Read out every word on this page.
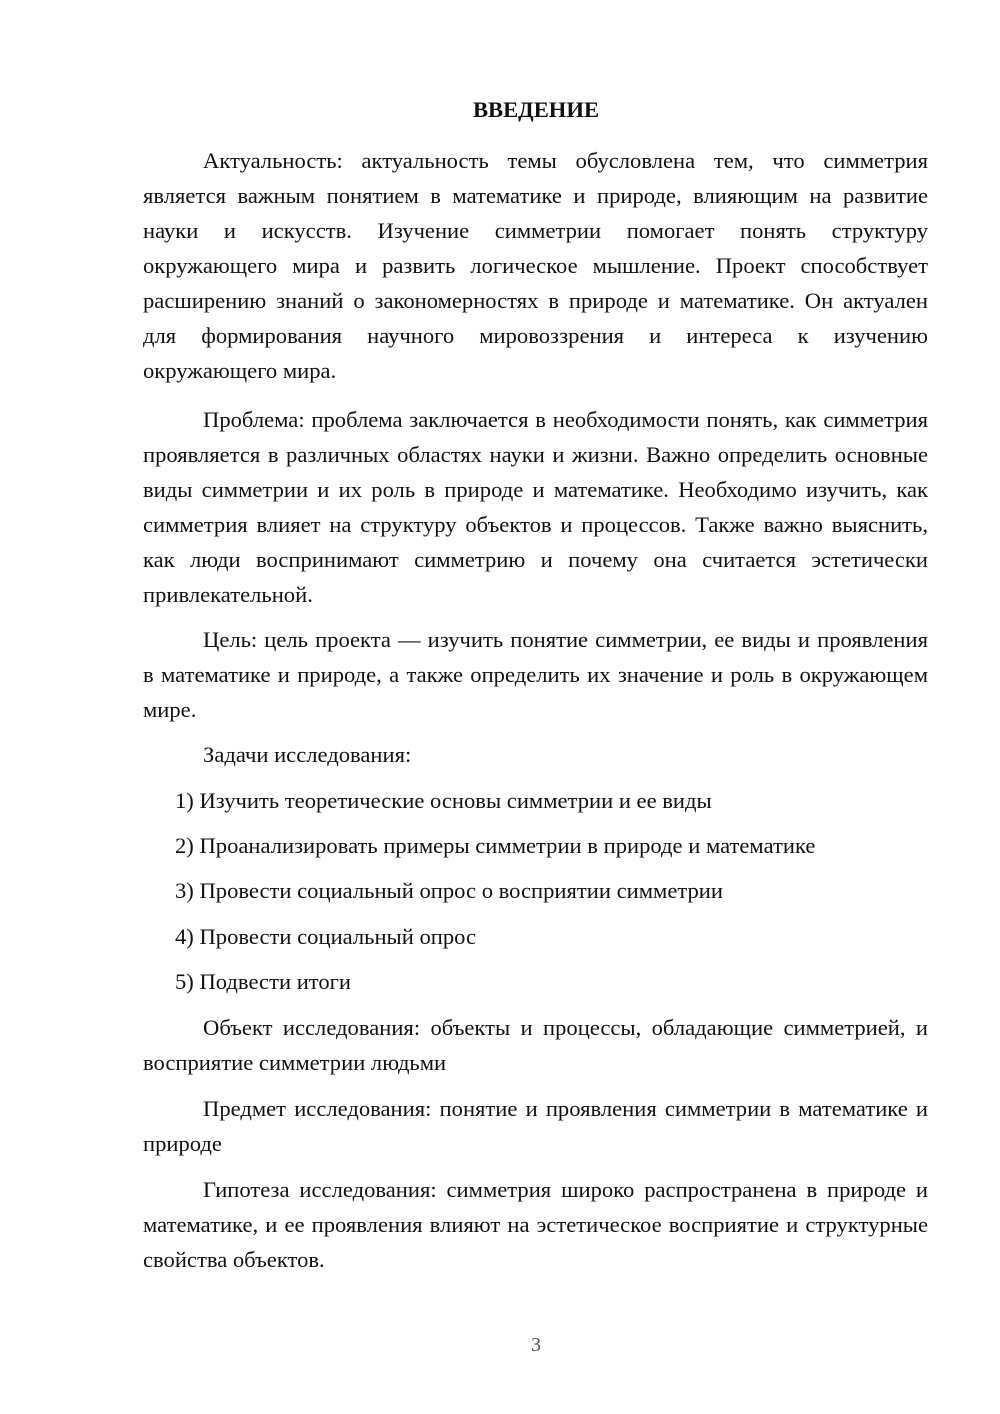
ВВЕДЕНИЕ

Актуальность: актуальность темы обусловлена тем, что симметрия является важным понятием в математике и природе, влияющим на развитие науки и искусств. Изучение симметрии помогает понять структуру окружающего мира и развить логическое мышление. Проект способствует расширению знаний о закономерностях в природе и математике. Он актуален для формирования научного мировоззрения и интереса к изучению окружающего мира.

Проблема: проблема заключается в необходимости понять, как симметрия проявляется в различных областях науки и жизни. Важно определить основные виды симметрии и их роль в природе и математике. Необходимо изучить, как симметрия влияет на структуру объектов и процессов. Также важно выяснить, как люди воспринимают симметрию и почему она считается эстетически привлекательной.

Цель: цель проекта — изучить понятие симметрии, ее виды и проявления в математике и природе, а также определить их значение и роль в окружающем мире.

Задачи исследования:

1) Изучить теоретические основы симметрии и ее виды

2) Проанализировать примеры симметрии в природе и математике

3) Провести социальный опрос о восприятии симметрии

4) Провести социальный опрос

5) Подвести итоги

Объект исследования: объекты и процессы, обладающие симметрией, и восприятие симметрии людьми

Предмет исследования: понятие и проявления симметрии в математике и природе

Гипотеза исследования: симметрия широко распространена в природе и математике, и ее проявления влияют на эстетическое восприятие и структурные свойства объектов.

3
